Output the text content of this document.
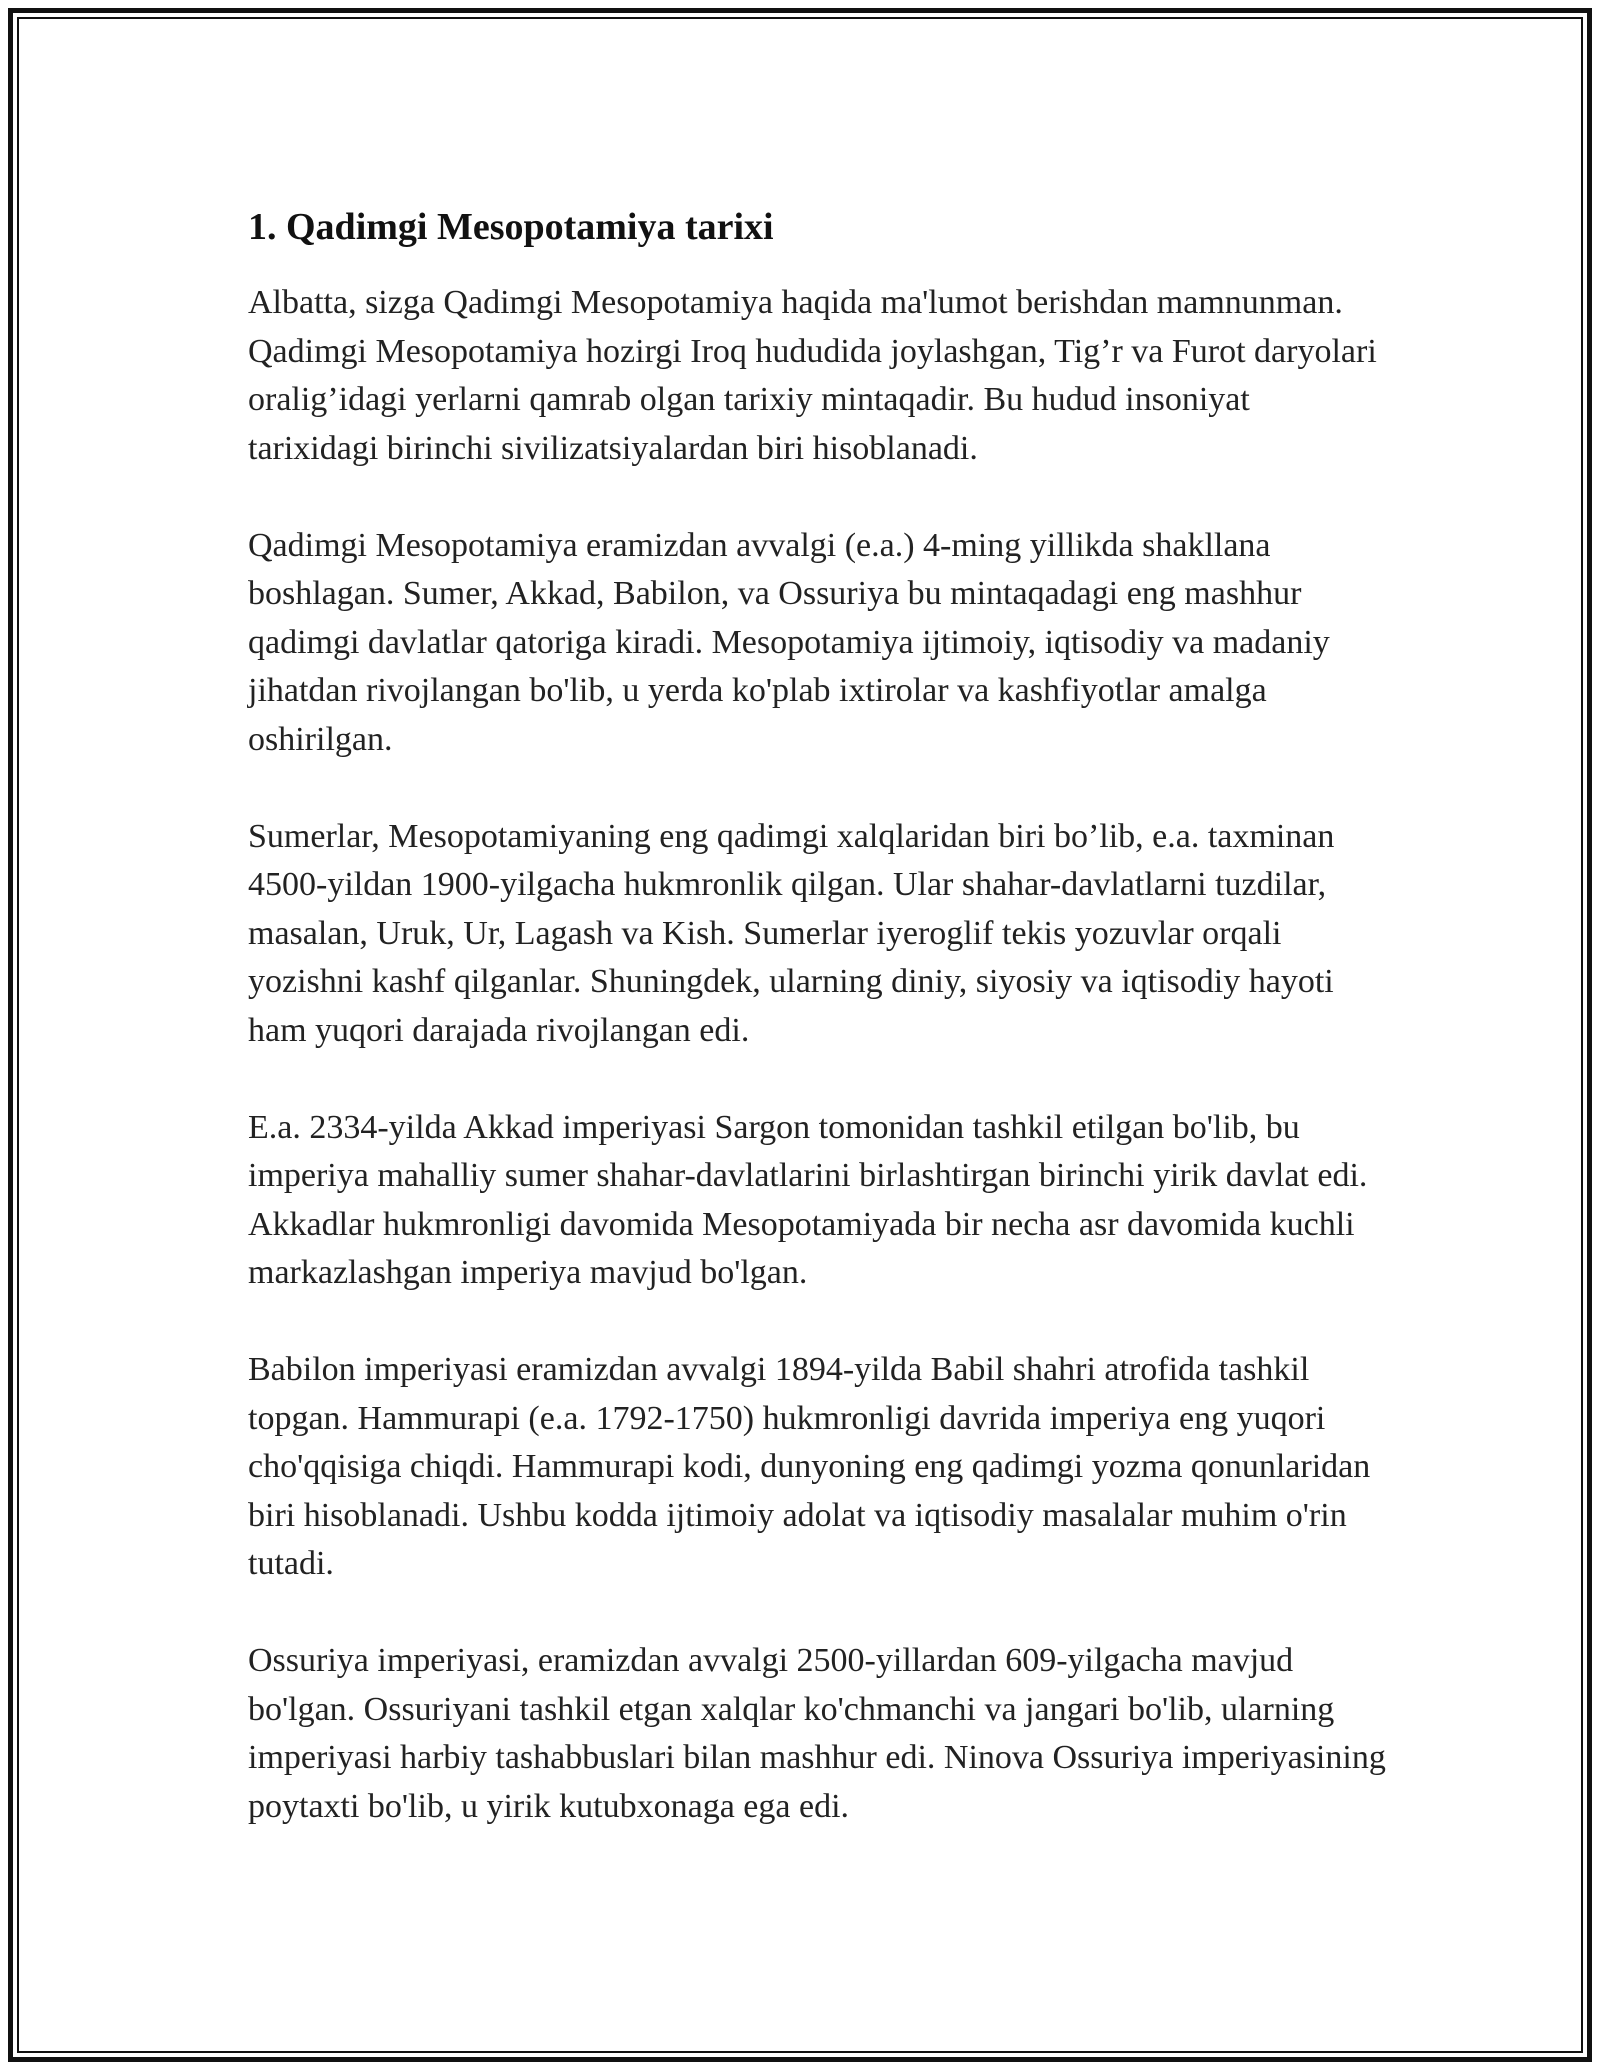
1. Qadimgi Mesopotamiya tarixi

Albatta, sizga Qadimgi Mesopotamiya haqida ma'lumot berishdan mamnunman. Qadimgi Mesopotamiya hozirgi Iroq hududida joylashgan, Tig’r va Furot daryolari oralig’idagi yerlarni qamrab olgan tarixiy mintaqadir. Bu hudud insoniyat tarixidagi birinchi sivilizatsiyalardan biri hisoblanadi.

Qadimgi Mesopotamiya eramizdan avvalgi (e.a.) 4-ming yillikda shakllana boshlagan. Sumer, Akkad, Babilon, va Ossuriya bu mintaqadagi eng mashhur qadimgi davlatlar qatoriga kiradi. Mesopotamiya ijtimoiy, iqtisodiy va madaniy jihatdan rivojlangan bo'lib, u yerda ko'plab ixtirolar va kashfiyotlar amalga oshirilgan.

Sumerlar, Mesopotamiyaning eng qadimgi xalqlaridan biri bo’lib, e.a. taxminan 4500-yildan 1900-yilgacha hukmronlik qilgan. Ular shahar-davlatlarni tuzdilar, masalan, Uruk, Ur, Lagash va Kish. Sumerlar iyeroglif tekis yozuvlar orqali yozishni kashf qilganlar. Shuningdek, ularning diniy, siyosiy va iqtisodiy hayoti ham yuqori darajada rivojlangan edi.

E.a. 2334-yilda Akkad imperiyasi Sargon tomonidan tashkil etilgan bo'lib, bu imperiya mahalliy sumer shahar-davlatlarini birlashtirgan birinchi yirik davlat edi. Akkadlar hukmronligi davomida Mesopotamiyada bir necha asr davomida kuchli markazlashgan imperiya mavjud bo'lgan.

Babilon imperiyasi eramizdan avvalgi 1894-yilda Babil shahri atrofida tashkil topgan. Hammurapi (e.a. 1792-1750) hukmronligi davrida imperiya eng yuqori cho'qqisiga chiqdi. Hammurapi kodi, dunyoning eng qadimgi yozma qonunlaridan biri hisoblanadi. Ushbu kodda ijtimoiy adolat va iqtisodiy masalalar muhim o'rin tutadi.

Ossuriya imperiyasi, eramizdan avvalgi 2500-yillardan 609-yilgacha mavjud bo'lgan. Ossuriyani tashkil etgan xalqlar ko'chmanchi va jangari bo'lib, ularning imperiyasi harbiy tashabbuslari bilan mashhur edi. Ninova Ossuriya imperiyasining poytaxti bo'lib, u yirik kutubxonaga ega edi.
